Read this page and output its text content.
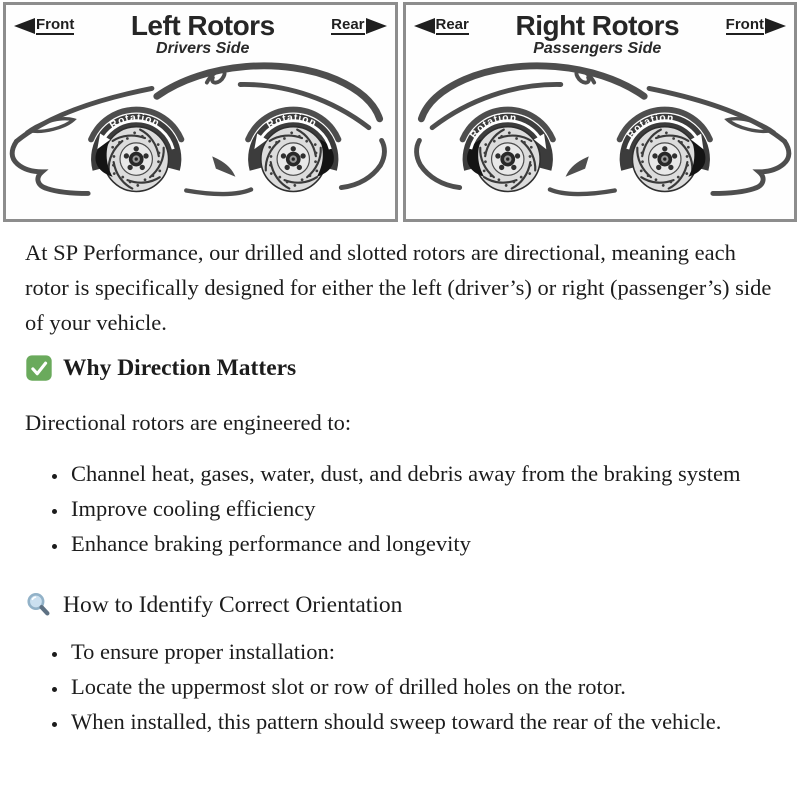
Front	Left Rotors
Drivers Side
Rear
Rotation	Rotation
Rear	Right Rotors
Passengers Side
Front
Rotation
Rotation
r

At SP Performance, our drilled and slotted rotors are directional, meaning each rotor is specifically designed for either the left (driver’s) or right (passenger’s) side of your vehicle.

Why Direction Matters

Directional rotors are engineered to:

• Channel heat, gases, water, dust, and debris away from the braking system
• Improve cooling efficiency
• Enhance braking performance and longevity
How to Identify Correct Orientation
• To ensure proper installation:
• Locate the uppermost slot or row of drilled holes on the rotor.
• When installed, this pattern should sweep toward the rear of the vehicle.
